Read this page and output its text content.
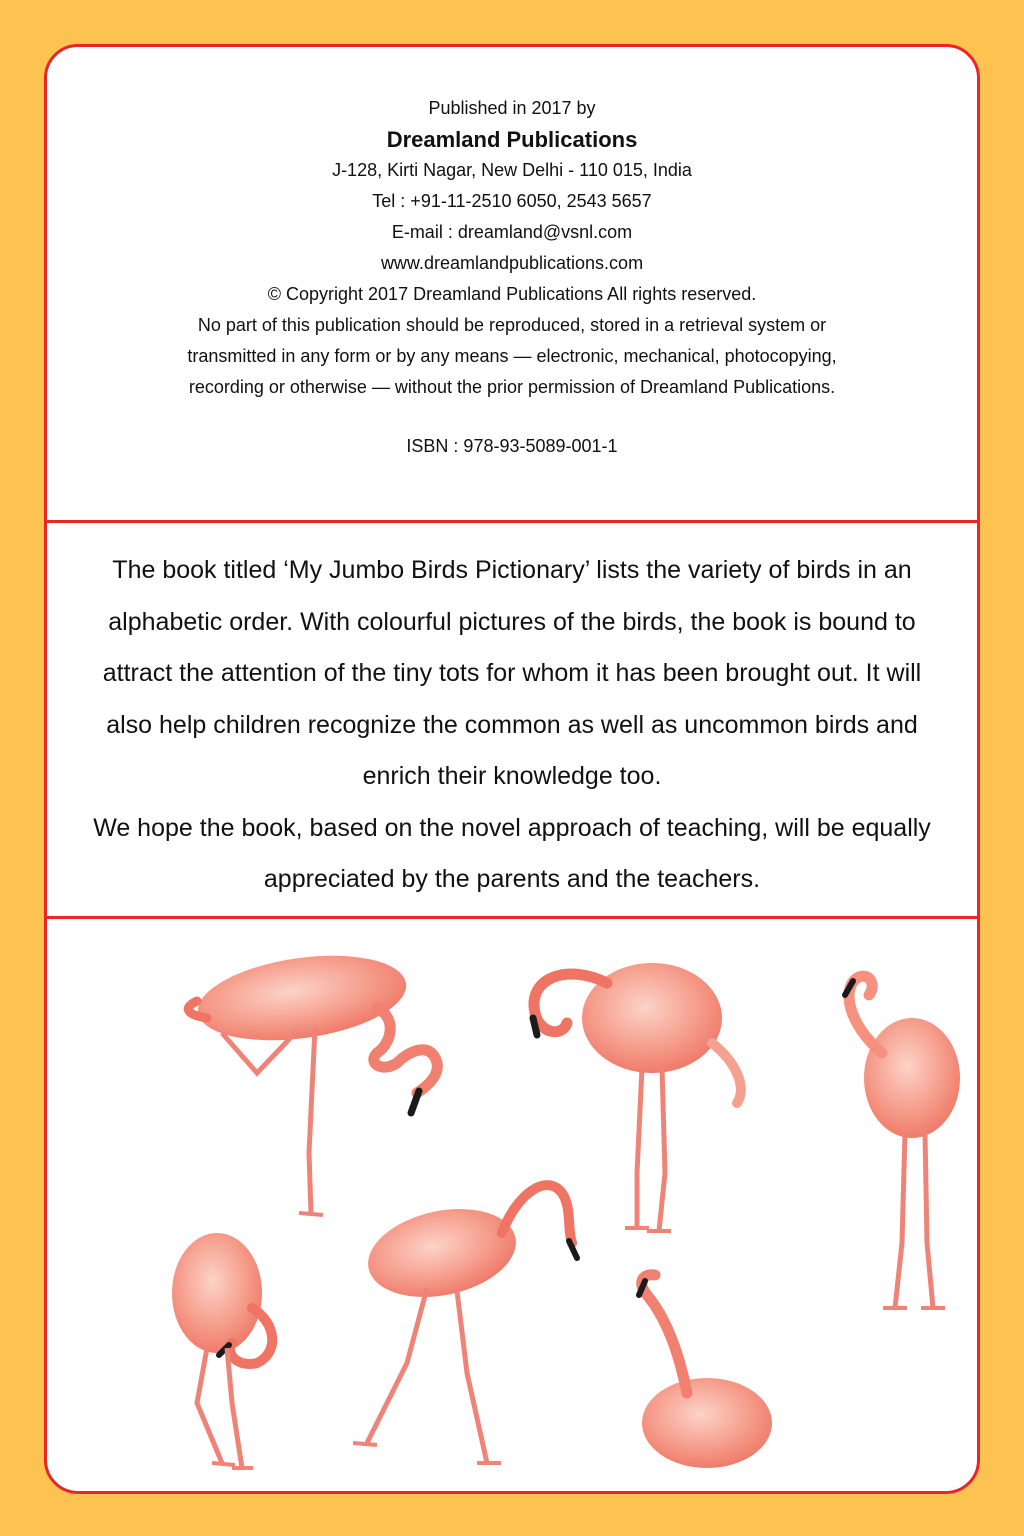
Published in 2017 by
Dreamland Publications
J-128, Kirti Nagar, New Delhi - 110 015, India
Tel : +91-11-2510 6050, 2543 5657
E-mail : dreamland@vsnl.com
www.dreamlandpublications.com
© Copyright 2017 Dreamland Publications All rights reserved.
No part of this publication should be reproduced, stored in a retrieval system or
transmitted in any form or by any means — electronic, mechanical, photocopying,
recording or otherwise — without the prior permission of Dreamland Publications.
ISBN : 978-93-5089-001-1
The book titled ‘My Jumbo Birds Pictionary’ lists the variety of birds in an
alphabetic order. With colourful pictures of the birds, the book is bound to
attract the attention of the tiny tots for whom it has been brought out. It will
also help children recognize the common as well as uncommon birds and
enrich their knowledge too.
We hope the book, based on the novel approach of teaching, will be equally
appreciated by the parents and the teachers.
